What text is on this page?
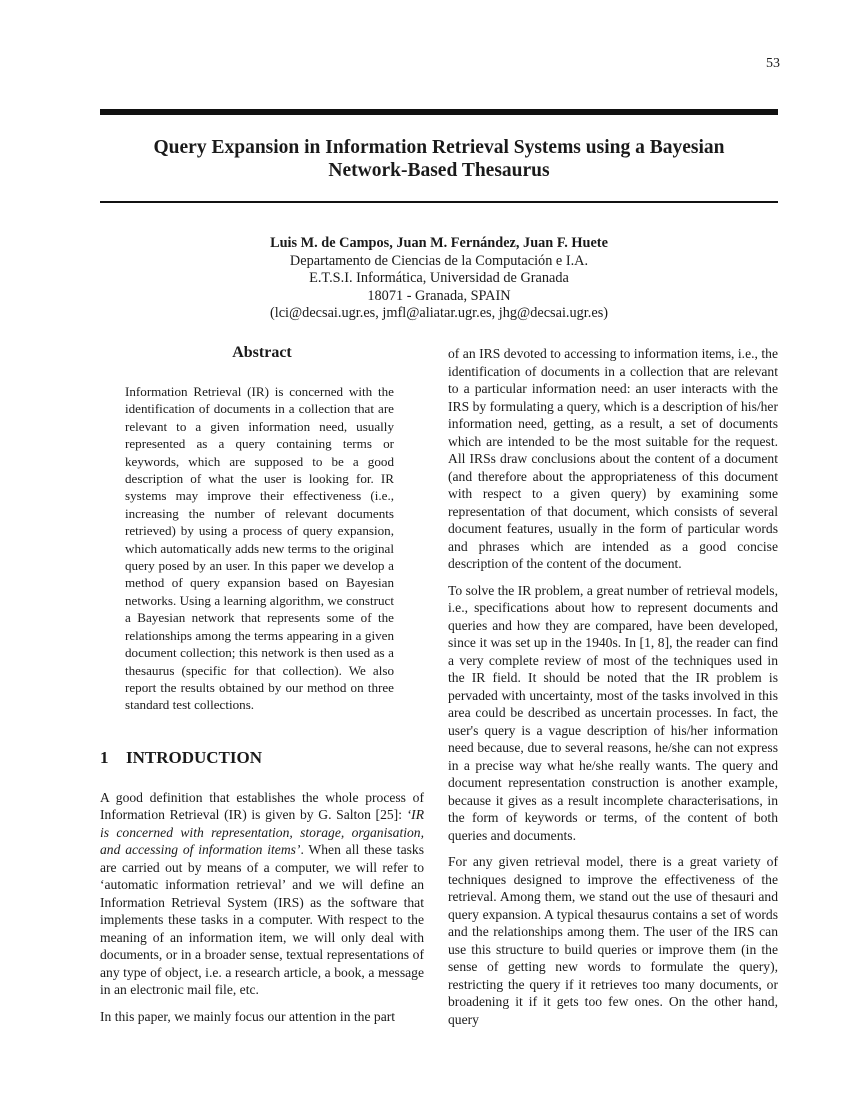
53
Query Expansion in Information Retrieval Systems using a Bayesian
Network-Based Thesaurus
Luis M. de Campos, Juan M. Fernández, Juan F. Huete
Departamento de Ciencias de la Computación e I.A.
E.T.S.I. Informática, Universidad de Granada
18071 - Granada, SPAIN
(lci@decsai.ugr.es, jmfl@aliatar.ugr.es, jhg@decsai.ugr.es)
Abstract
Information Retrieval (IR) is concerned with the identification of documents in a collection that are relevant to a given information need, usually represented as a query containing terms or keywords, which are supposed to be a good description of what the user is looking for. IR systems may improve their effectiveness (i.e., increasing the number of relevant documents retrieved) by using a process of query expansion, which automatically adds new terms to the original query posed by an user. In this paper we develop a method of query expansion based on Bayesian networks. Using a learning algorithm, we construct a Bayesian network that represents some of the relationships among the terms appearing in a given document collection; this network is then used as a thesaurus (specific for that collection). We also report the results obtained by our method on three standard test collections.
1 INTRODUCTION

A good definition that establishes the whole process of Information Retrieval (IR) is given by G. Salton [25]: ‘IR is concerned with representation, storage, organisation, and accessing of information items’. When all these tasks are carried out by means of a computer, we will refer to ‘automatic information retrieval’ and we will define an Information Retrieval System (IRS) as the software that implements these tasks in a computer. With respect to the meaning of an information item, we will only deal with documents, or in a broader sense, textual representations of any type of object, i.e. a research article, a book, a message in an electronic mail file, etc.

In this paper, we mainly focus our attention in the part

of an IRS devoted to accessing to information items, i.e., the identification of documents in a collection that are relevant to a particular information need: an user interacts with the IRS by formulating a query, which is a description of his/her information need, getting, as a result, a set of documents which are intended to be the most suitable for the request. All IRSs draw conclusions about the content of a document (and therefore about the appropriateness of this document with respect to a given query) by examining some representation of that document, which consists of several document features, usually in the form of particular words and phrases which are intended as a good concise description of the content of the document.

To solve the IR problem, a great number of retrieval models, i.e., specifications about how to represent documents and queries and how they are compared, have been developed, since it was set up in the 1940s. In [1, 8], the reader can find a very complete review of most of the techniques used in the IR field. It should be noted that the IR problem is pervaded with uncertainty, most of the tasks involved in this area could be described as uncertain processes. In fact, the user's query is a vague description of his/her information need because, due to several reasons, he/she can not express in a precise way what he/she really wants. The query and document representation construction is another example, because it gives as a result incomplete characterisations, in the form of keywords or terms, of the content of both queries and documents.

For any given retrieval model, there is a great variety of techniques designed to improve the effectiveness of the retrieval. Among them, we stand out the use of thesauri and query expansion. A typical thesaurus contains a set of words and the relationships among them. The user of the IRS can use this structure to build queries or improve them (in the sense of getting new words to formulate the query), restricting the query if it retrieves too many documents, or broadening it if it gets too few ones. On the other hand, query
